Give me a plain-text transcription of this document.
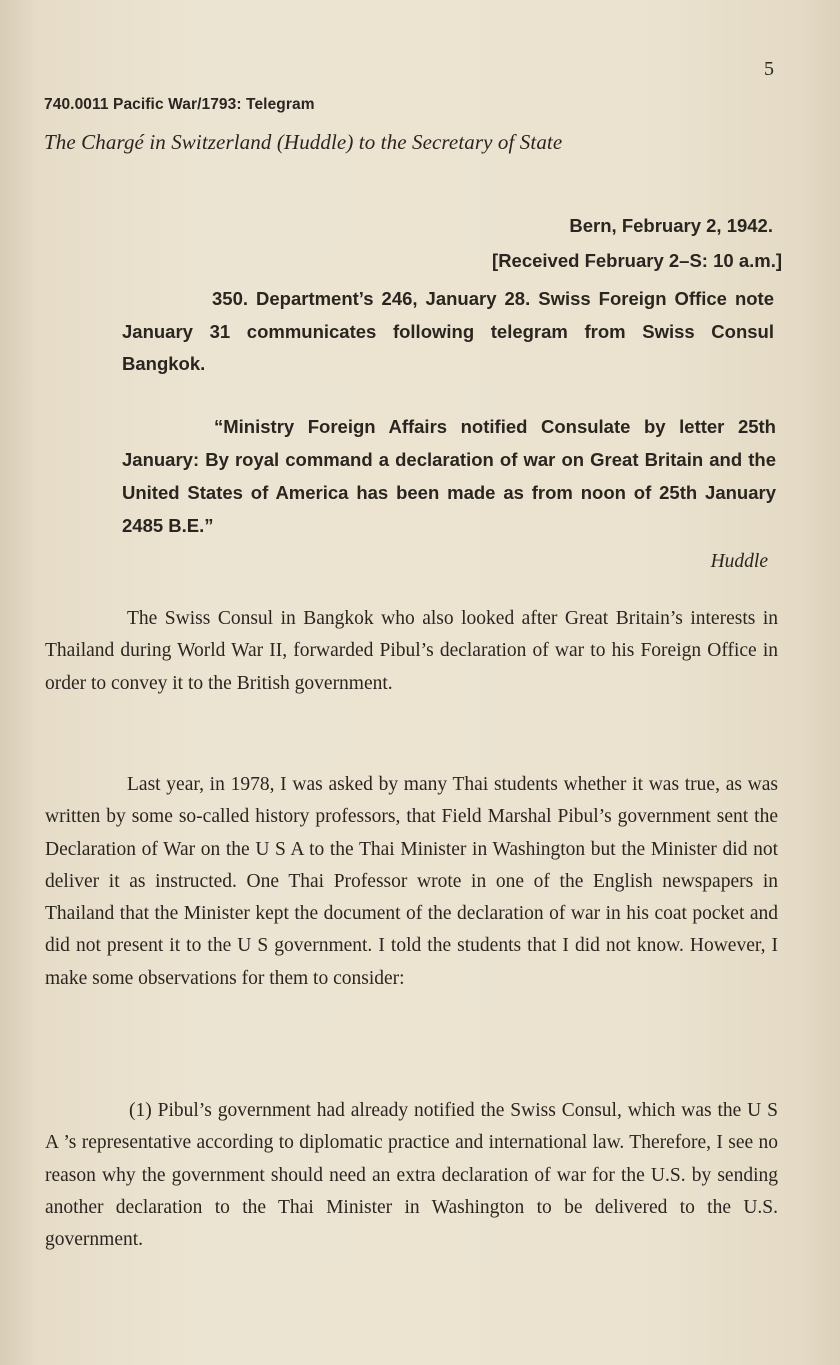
5
740.0011 Pacific War/1793: Telegram
The Chargé in Switzerland (Huddle) to the Secretary of State
Bern, February 2, 1942.
[Received February 2–S: 10 a.m.]

350. Department’s 246, January 28. Swiss Foreign Office note January 31 communicates following telegram from Swiss Consul Bangkok.

“Ministry Foreign Affairs notified Consulate by letter 25th January: By royal command a declaration of war on Great Britain and the United States of America has been made as from noon of 25th January 2485 B.E.”

Huddle

The Swiss Consul in Bangkok who also looked after Great Britain’s interests in Thailand during World War II, forwarded Pibul’s declaration of war to his Foreign Office in order to convey it to the British government.

Last year, in 1978, I was asked by many Thai students whether it was true, as was written by some so-called history professors, that Field Marshal Pibul’s government sent the Declaration of War on the U S A to the Thai Minister in Washington but the Minister did not deliver it as instructed. One Thai Professor wrote in one of the English newspapers in Thailand that the Minister kept the document of the declaration of war in his coat pocket and did not present it to the U S government. I told the students that I did not know. However, I make some observations for them to consider:

(1) Pibul’s government had already notified the Swiss Consul, which was the U S A ’s representative according to diplomatic practice and international law. Therefore, I see no reason why the government should need an extra declaration of war for the U.S. by sending another declaration to the Thai Minister in Washington to be delivered to the U.S. government.
